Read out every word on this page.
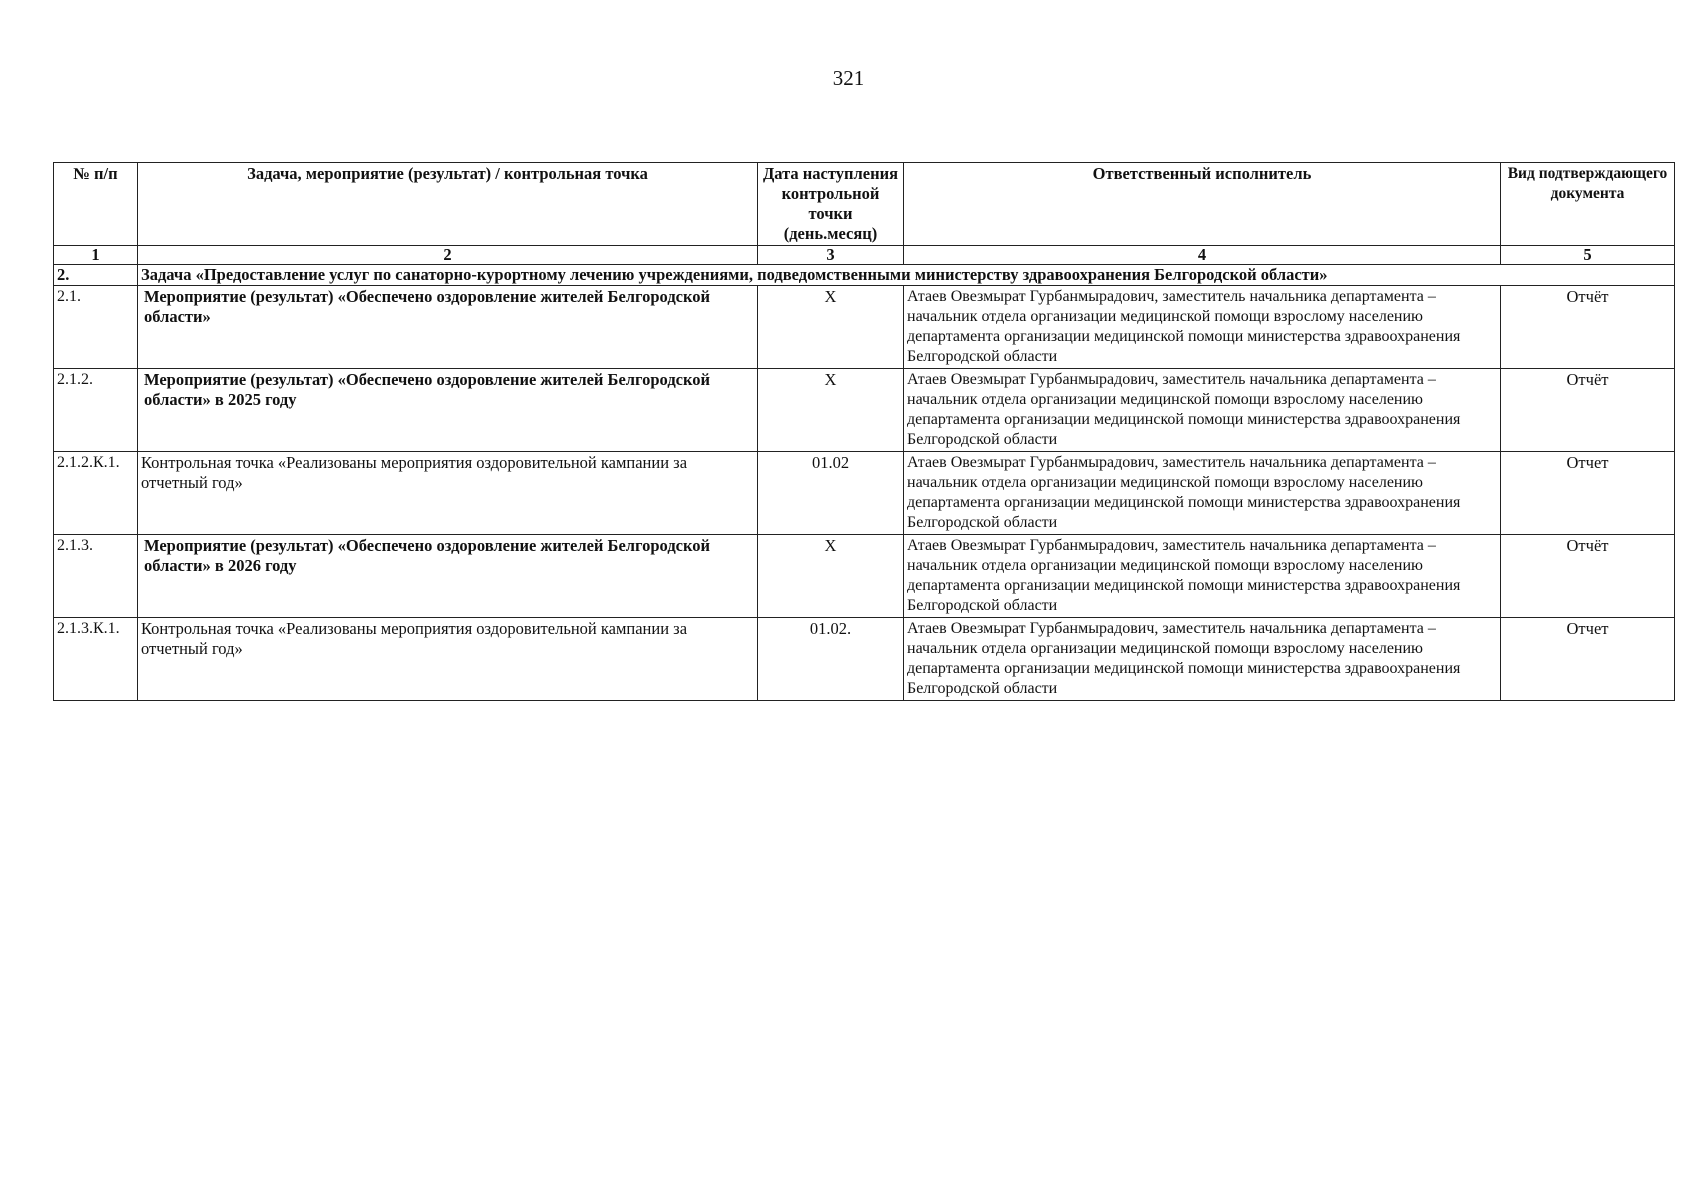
321
№ п/п	Задача, мероприятие (результат) / контрольная точка	Дата наступления контрольной точки (день.месяц)	Ответственный исполнитель	Вид подтверждающего документа
1	2	3	4	5
2.	Задача «Предоставление услуг по санаторно-курортному лечению учреждениями, подведомственными министерству здравоохранения Белгородской области»			
2.1.	Мероприятие (результат) «Обеспечено оздоровление жителей Белгородской области»	Х	Атаев Овезмырат Гурбанмырадович, заместитель начальника департамента – начальник отдела организации медицинской помощи взрослому населению департамента организации медицинской помощи министерства здравоохранения Белгородской области	Отчёт
2.1.2.	Мероприятие (результат) «Обеспечено оздоровление жителей Белгородской области» в 2025 году	Х	Атаев Овезмырат Гурбанмырадович, заместитель начальника департамента – начальник отдела организации медицинской помощи взрослому населению департамента организации медицинской помощи министерства здравоохранения Белгородской области	Отчёт
2.1.2.К.1.	Контрольная точка «Реализованы мероприятия оздоровительной кампании за отчетный год»	01.02	Атаев Овезмырат Гурбанмырадович, заместитель начальника департамента – начальник отдела организации медицинской помощи взрослому населению департамента организации медицинской помощи министерства здравоохранения Белгородской области	Отчет
2.1.3.	Мероприятие (результат) «Обеспечено оздоровление жителей Белгородской области» в 2026 году	Х	Атаев Овезмырат Гурбанмырадович, заместитель начальника департамента – начальник отдела организации медицинской помощи взрослому населению департамента организации медицинской помощи министерства здравоохранения Белгородской области	Отчёт
2.1.3.К.1.	Контрольная точка «Реализованы мероприятия оздоровительной кампании за отчетный год»	01.02.	Атаев Овезмырат Гурбанмырадович, заместитель начальника департамента – начальник отдела организации медицинской помощи взрослому населению департамента организации медицинской помощи министерства здравоохранения Белгородской области	Отчет
